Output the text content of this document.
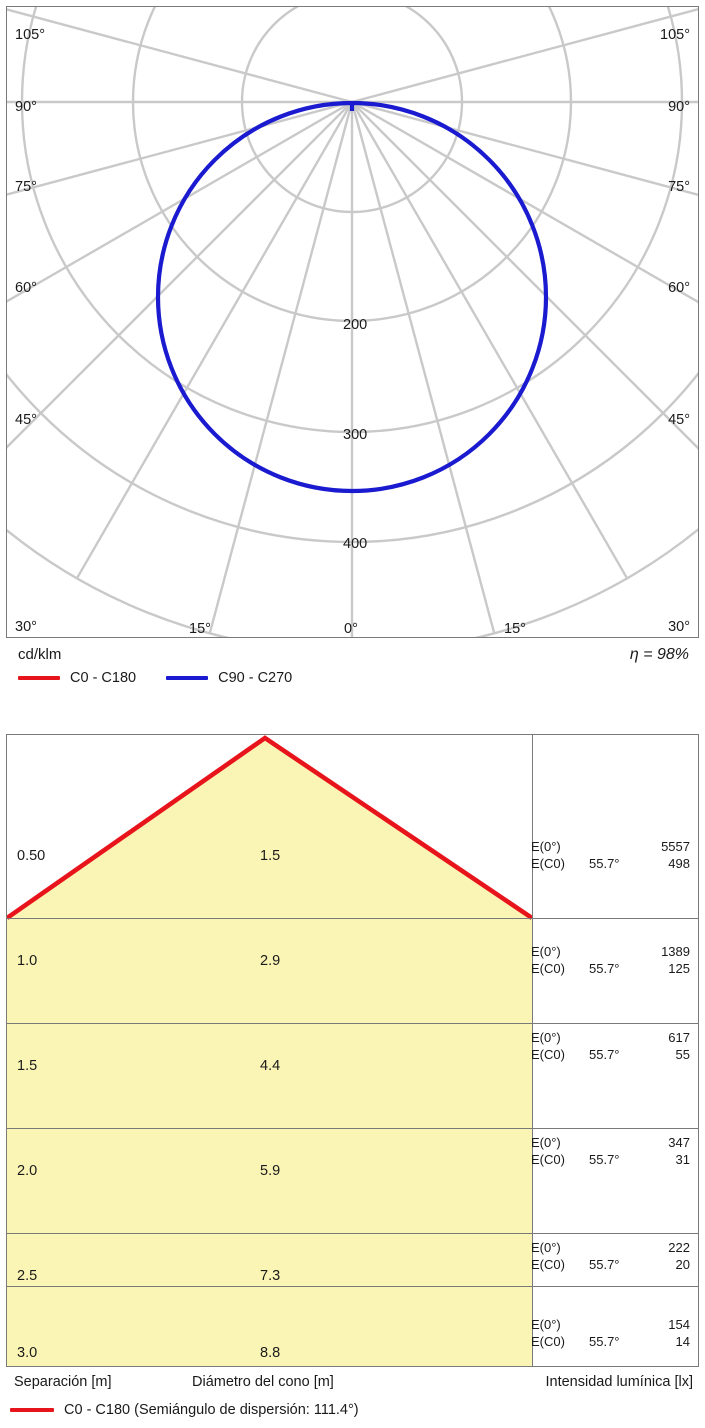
105°
90°
75°
60°
45°
30°
105°
90°
75°
60°
45°
30°
15°	0°	15°
200
300
400
cd/klm	η = 98%
C0 - C180	C90 - C270
0.50	1.5
E(0°)	5557
E(C0) 55.7°	498
1.0	2.9
E(0°)	1389
E(C0) 55.7°	125
1.5	4.4
E(0°)	617
E(C0) 55.7°	55
2.0	5.9
E(0°)	347
E(C0) 55.7°	31
2.5	7.3
E(0°)	222
E(C0) 55.7°	20
3.0	8.8
E(0°)	154
E(C0) 55.7°	14
Separación [m]	Diámetro del cono [m]	Intensidad lumínica [lx]
C0 - C180 (Semiángulo de dispersión: 111.4°)
